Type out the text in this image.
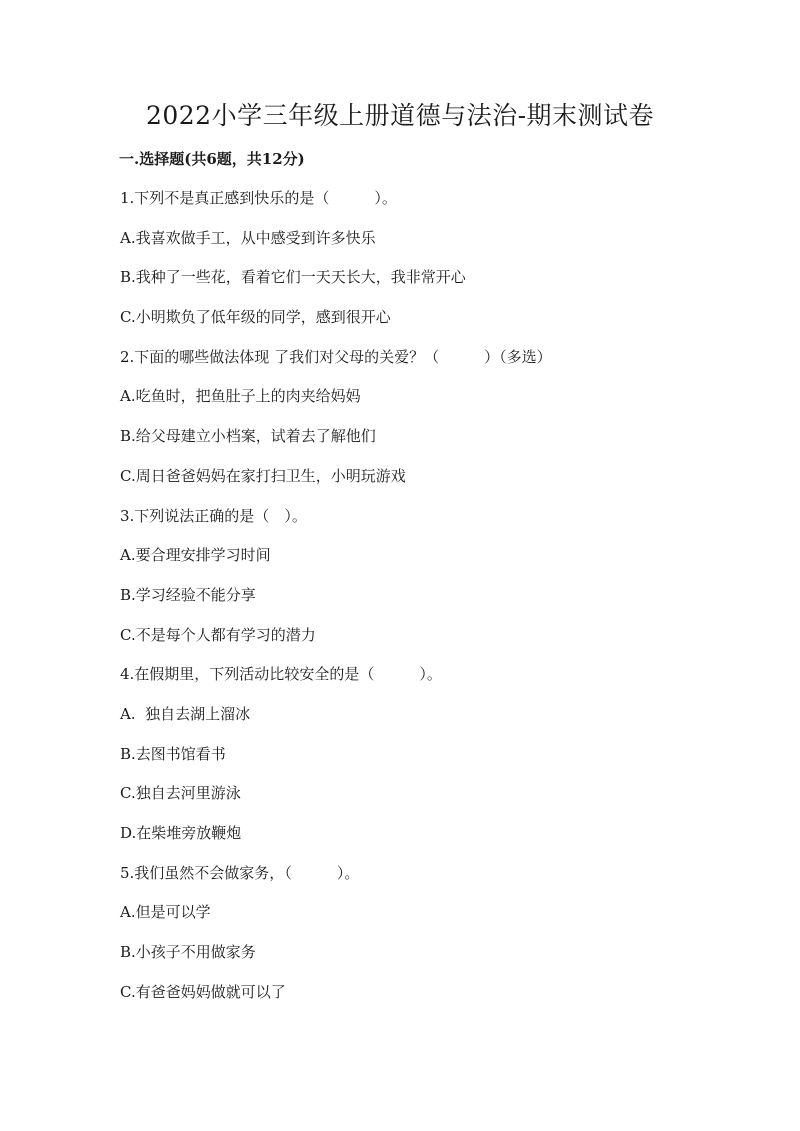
2022小学三年级上册道德与法治-期末测试卷
一.选择题(共6题，共12分)
1.下列不是真正感到快乐的是（　　　）。
A.我喜欢做手工，从中感受到许多快乐
B.我种了一些花，看着它们一天天长大，我非常开心
C.小明欺负了低年级的同学，感到很开心
2.下面的哪些做法体现 了我们对父母的关爱？（　　　）（多选）
A.吃鱼时，把鱼肚子上的肉夹给妈妈
B.给父母建立小档案，试着去了解他们
C.周日爸爸妈妈在家打扫卫生，小明玩游戏
3.下列说法正确的是（　）。
A.要合理安排学习时间
B.学习经验不能分享
C.不是每个人都有学习的潜力
4.在假期里，下列活动比较安全的是（　　　）。
A.  独自去湖上溜冰
B.去图书馆看书
C.独自去河里游泳
D.在柴堆旁放鞭炮
5.我们虽然不会做家务，（　　　）。
A.但是可以学
B.小孩子不用做家务
C.有爸爸妈妈做就可以了
